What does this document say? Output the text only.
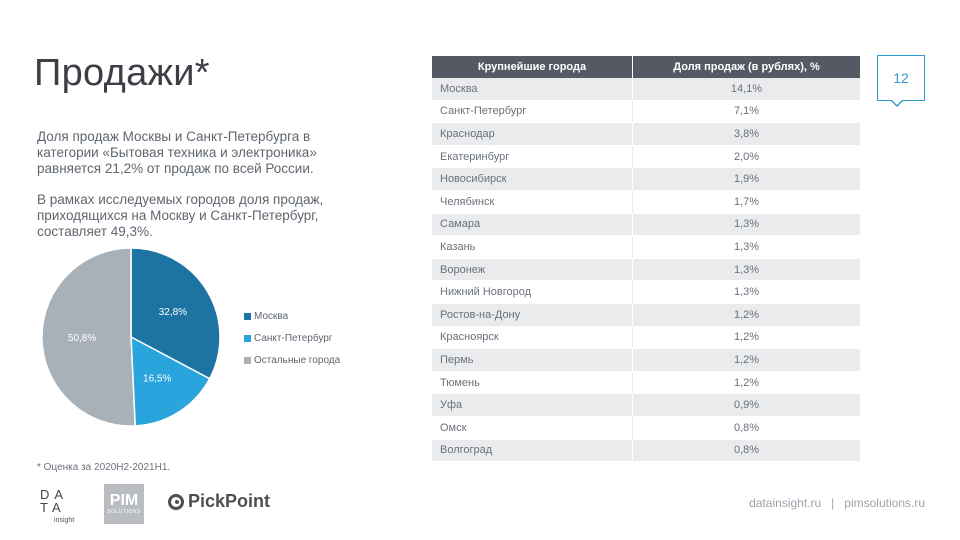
Продажи*

Доля продаж Москвы и Санкт-Петербурга в категории «Бытовая техника и электроника» равняется 21,2% от продаж по всей России.

В рамках исследуемых городов доля продаж, приходящихся на Москву и Санкт-Петербург, составляет 49,3%.

32,8%
16,5%
50,8%
Москва
Санкт-Петербург
Остальные города
* Оценка за 2020H2-2021H1.
Крупнейшие города	Доля продаж (в рублях), %
Москва	14,1%
Санкт-Петербург	7,1%
Краснодар	3,8%
Екатеринбург	2,0%
Новосибирск	1,9%
Челябинск	1,7%
Самара	1,3%
Казань	1,3%
Воронеж	1,3%
Нижний Новгород	1,3%
Ростов-на-Дону	1,2%
Красноярск	1,2%
Пермь	1,2%
Тюмень	1,2%
Уфа	0,9%
Омск	0,8%
Волгоград	0,8%
12
DA
TA
insight
PIM
SOLUTIONS
PickPoint	datainsight.ru   |   pimsolutions.ru
